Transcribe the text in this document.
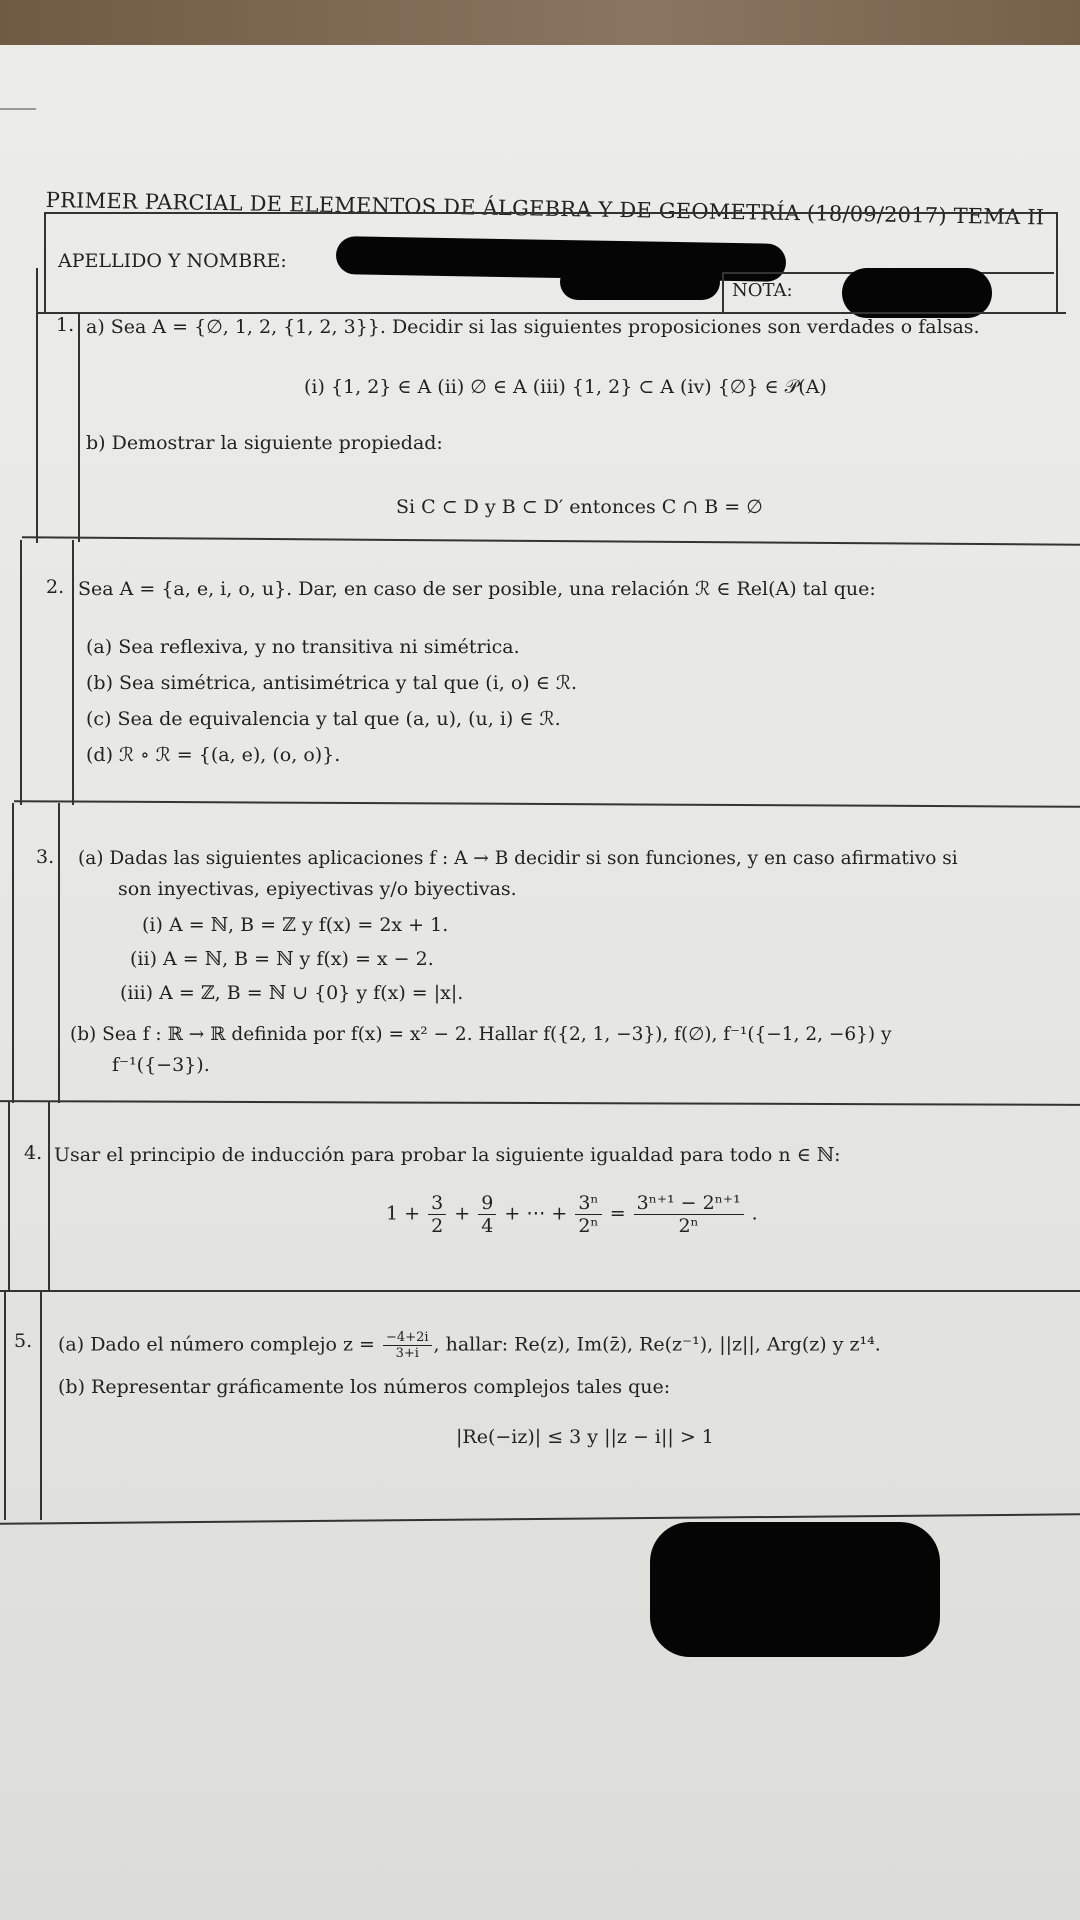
PRIMER PARCIAL DE ELEMENTOS DE ÁLGEBRA Y DE GEOMETRÍA (18/09/2017) TEMA II
APELLIDO Y NOMBRE:
NOTA:
1. a) Sea A = {∅, 1, 2, {1, 2, 3}}. Decidir si las siguientes proposiciones son verdades o falsas.
(i) {1, 2} ∈ A (ii) ∅ ∈ A (iii) {1, 2} ⊂ A (iv) {∅} ∈ 𝒫(A)
b) Demostrar la siguiente propiedad:
Si C ⊂ D y B ⊂ D′ entonces C ∩ B = ∅
2. Sea A = {a, e, i, o, u}. Dar, en caso de ser posible, una relación ℛ ∈ Rel(A) tal que:
(a) Sea reflexiva, y no transitiva ni simétrica.
(b) Sea simétrica, antisimétrica y tal que (i, o) ∈ ℛ.
(c) Sea de equivalencia y tal que (a, u), (u, i) ∈ ℛ.
(d) ℛ ∘ ℛ = {(a, e), (o, o)}.
3. (a) Dadas las siguientes aplicaciones f : A → B decidir si son funciones, y en caso afirmativo si
son inyectivas, epiyectivas y/o biyectivas.
(i) A = ℕ, B = ℤ y f(x) = 2x + 1.
(ii) A = ℕ, B = ℕ y f(x) = x − 2.
(iii) A = ℤ, B = ℕ ∪ {0} y f(x) = |x|.
(b) Sea f : ℝ → ℝ definida por f(x) = x² − 2. Hallar f({2, 1, −3}), f(∅), f⁻¹({−1, 2, −6}) y
f⁻¹({−3}).
4. Usar el principio de inducción para probar la siguiente igualdad para todo n ∈ ℕ:
$1 + \frac{3}{2} + \frac{9}{4}$ + ⋯ + $\frac{\text{3ⁿ}}{\text{2ⁿ}} = \frac{\text{3ⁿ⁺¹ − 2ⁿ⁺¹}}{\text{2ⁿ}}$ .
5. (a) Dado el número complejo $z = \frac{-4+2i}{3+i}$ , hallar: Re(z), Im(z̄), Re(z⁻¹), ||z||, Arg(z) y z¹⁴.
(b) Representar gráficamente los números complejos tales que:
|Re(−iz)| ≤ 3 y ||z − i|| > 1
